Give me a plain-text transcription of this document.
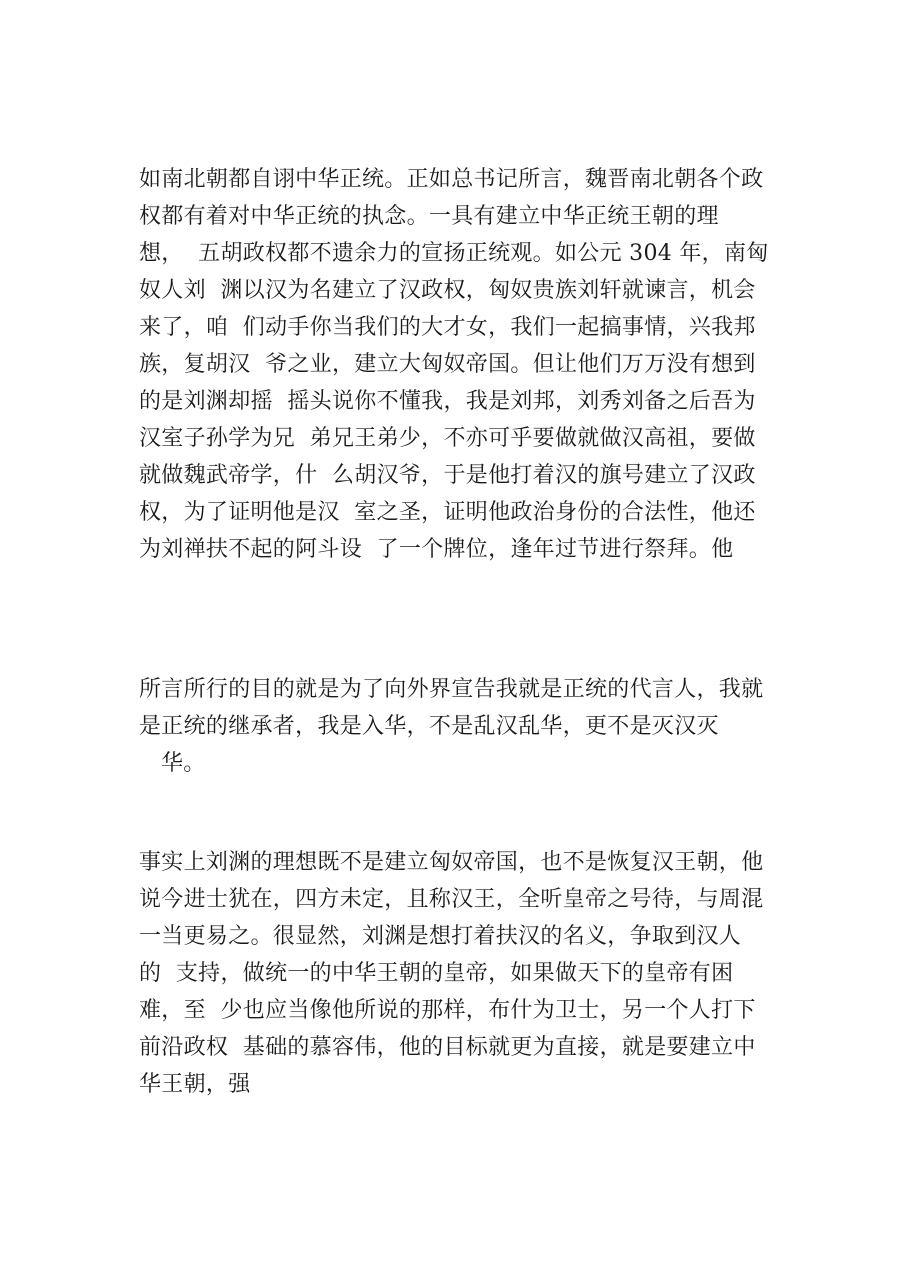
如南北朝都自诩中华正统。正如总书记所言，魏晋南北朝各个政
权都有着对中华正统的执念。一具有建立中华正统王朝的理
想，  五胡政权都不遗余力的宣扬正统观。如公元 304 年，南匈
奴人刘  渊以汉为名建立了汉政权，匈奴贵族刘轩就谏言，机会
来了，咱  们动手你当我们的大才女，我们一起搞事情，兴我邦
族，复胡汉  爷之业，建立大匈奴帝国。但让他们万万没有想到
的是刘渊却摇  摇头说你不懂我，我是刘邦，刘秀刘备之后吾为
汉室子孙学为兄  弟兄王弟少，不亦可乎要做就做汉高祖，要做
就做魏武帝学，什  么胡汉爷，于是他打着汉的旗号建立了汉政
权，为了证明他是汉  室之圣，证明他政治身份的合法性，他还
为刘禅扶不起的阿斗设  了一个牌位，逢年过节进行祭拜。他
所言所行的目的就是为了向外界宣告我就是正统的代言人，我就
是正统的继承者，我是入华，不是乱汉乱华，更不是灭汉灭
华。
事实上刘渊的理想既不是建立匈奴帝国，也不是恢复汉王朝，他
说今进士犹在，四方未定，且称汉王，全听皇帝之号待，与周混
一当更易之。很显然，刘渊是想打着扶汉的名义，争取到汉人
的  支持，做统一的中华王朝的皇帝，如果做天下的皇帝有困
难，至  少也应当像他所说的那样，布什为卫士，另一个人打下
前沿政权  基础的慕容伟，他的目标就更为直接，就是要建立中
华王朝，强
